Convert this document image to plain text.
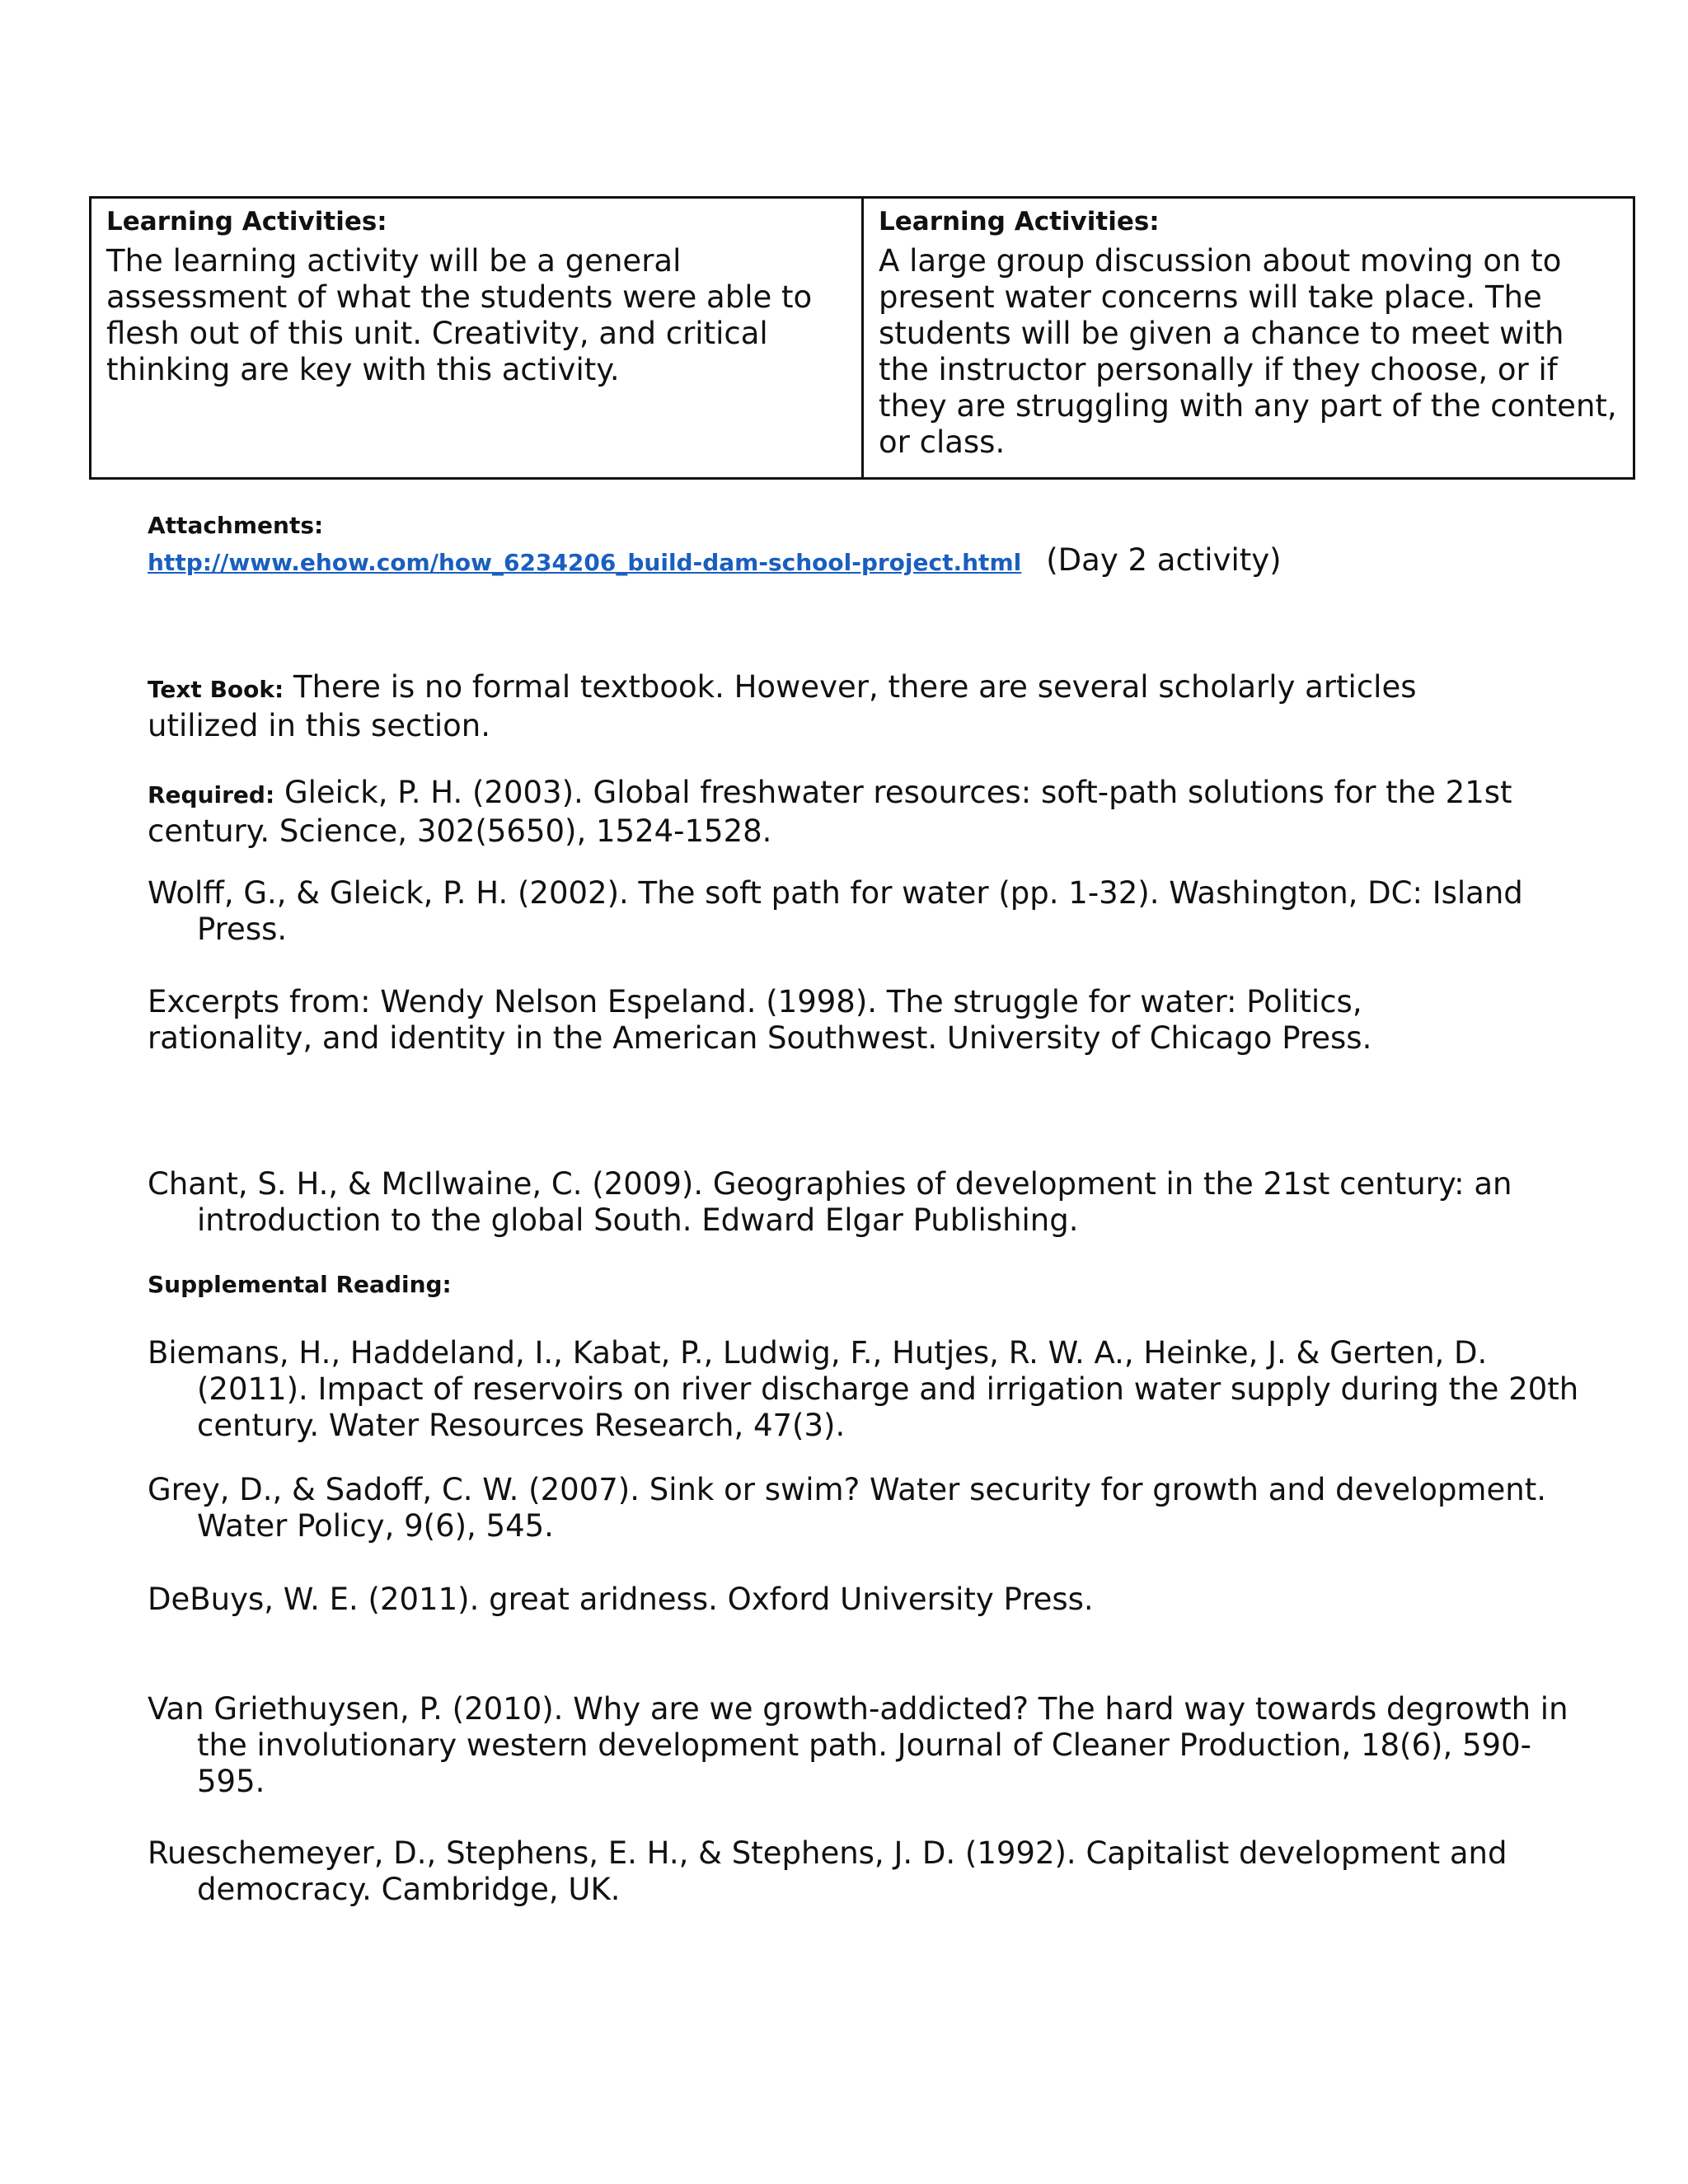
Learning Activities:

The learning activity will be a general assessment of what the students were able to flesh out of this unit. Creativity, and critical thinking are key with this activity.

Learning Activities:

A large group discussion about moving on to present water concerns will take place. The students will be given a chance to meet with the instructor personally if they choose, or if they are struggling with any part of the content, or class.

Attachments:
http://www.ehow.com/how_6234206_build-dam-school-project.html (Day 2 activity)
Text Book: There is no formal textbook. However, there are several scholarly articles utilized in this section.
Required: Gleick, P. H. (2003). Global freshwater resources: soft-path solutions for the 21st century. Science, 302(5650), 1524-1528.

Wolff, G., & Gleick, P. H. (2002). The soft path for water (pp. 1-32). Washington, DC: Island Press.

Excerpts from: Wendy Nelson Espeland. (1998). The struggle for water: Politics, rationality, and identity in the American Southwest. University of Chicago Press.

Chant, S. H., & McIlwaine, C. (2009). Geographies of development in the 21st century: an introduction to the global South. Edward Elgar Publishing.

Supplemental Reading:

Biemans, H., Haddeland, I., Kabat, P., Ludwig, F., Hutjes, R. W. A., Heinke, J. & Gerten, D. (2011). Impact of reservoirs on river discharge and irrigation water supply during the 20th century. Water Resources Research, 47(3).

Grey, D., & Sadoff, C. W. (2007). Sink or swim? Water security for growth and development. Water Policy, 9(6), 545.

DeBuys, W. E. (2011). great aridness. Oxford University Press.

Van Griethuysen, P. (2010). Why are we growth-addicted? The hard way towards degrowth in the involutionary western development path. Journal of Cleaner Production, 18(6), 590-595.

Rueschemeyer, D., Stephens, E. H., & Stephens, J. D. (1992). Capitalist development and democracy. Cambridge, UK.
